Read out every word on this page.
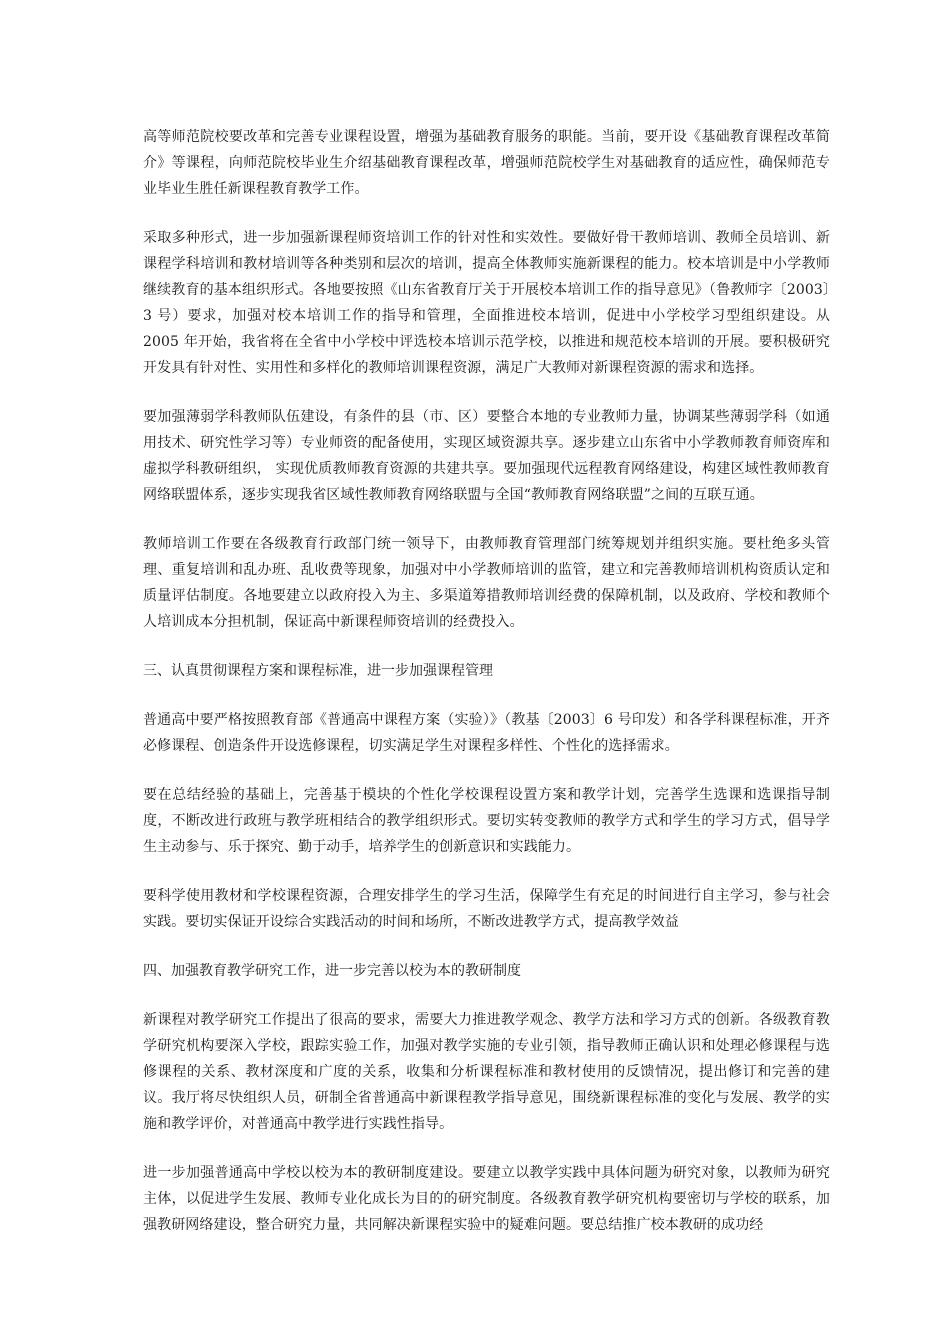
高等师范院校要改革和完善专业课程设置，增强为基础教育服务的职能。当前，要开设《基础教育课程改革简介》等课程，向师范院校毕业生介绍基础教育课程改革，增强师范院校学生对基础教育的适应性，确保师范专业毕业生胜任新课程教育教学工作。

采取多种形式，进一步加强新课程师资培训工作的针对性和实效性。要做好骨干教师培训、教师全员培训、新课程学科培训和教材培训等各种类别和层次的培训，提高全体教师实施新课程的能力。校本培训是中小学教师继续教育的基本组织形式。各地要按照《山东省教育厅关于开展校本培训工作的指导意见》（鲁教师字〔2003〕3 号）要求，加强对校本培训工作的指导和管理，全面推进校本培训，促进中小学校学习型组织建设。从 2005 年开始，我省将在全省中小学校中评选校本培训示范学校，以推进和规范校本培训的开展。要积极研究开发具有针对性、实用性和多样化的教师培训课程资源，满足广大教师对新课程资源的需求和选择。

要加强薄弱学科教师队伍建设，有条件的县（市、区）要整合本地的专业教师力量，协调某些薄弱学科（如通用技术、研究性学习等）专业师资的配备使用，实现区域资源共享。逐步建立山东省中小学教师教育师资库和虚拟学科教研组织， 实现优质教师教育资源的共建共享。要加强现代远程教育网络建设，构建区域性教师教育网络联盟体系，逐步实现我省区域性教师教育网络联盟与全国“教师教育网络联盟”之间的互联互通。

教师培训工作要在各级教育行政部门统一领导下，由教师教育管理部门统筹规划并组织实施。要杜绝多头管理、重复培训和乱办班、乱收费等现象，加强对中小学教师培训的监管，建立和完善教师培训机构资质认定和质量评估制度。各地要建立以政府投入为主、多渠道筹措教师培训经费的保障机制，以及政府、学校和教师个人培训成本分担机制，保证高中新课程师资培训的经费投入。

三、认真贯彻课程方案和课程标准，进一步加强课程管理

普通高中要严格按照教育部《普通高中课程方案（实验）》（教基〔2003〕6 号印发）和各学科课程标准，开齐必修课程、创造条件开设选修课程，切实满足学生对课程多样性、个性化的选择需求。

要在总结经验的基础上，完善基于模块的个性化学校课程设置方案和教学计划，完善学生选课和选课指导制度，不断改进行政班与教学班相结合的教学组织形式。要切实转变教师的教学方式和学生的学习方式，倡导学生主动参与、乐于探究、勤于动手，培养学生的创新意识和实践能力。

要科学使用教材和学校课程资源，合理安排学生的学习生活，保障学生有充足的时间进行自主学习，参与社会实践。要切实保证开设综合实践活动的时间和场所，不断改进教学方式，提高教学效益

四、加强教育教学研究工作，进一步完善以校为本的教研制度

新课程对教学研究工作提出了很高的要求，需要大力推进教学观念、教学方法和学习方式的创新。各级教育教学研究机构要深入学校，跟踪实验工作，加强对教学实施的专业引领，指导教师正确认识和处理必修课程与选修课程的关系、教材深度和广度的关系，收集和分析课程标准和教材使用的反馈情况，提出修订和完善的建议。我厅将尽快组织人员，研制全省普通高中新课程教学指导意见，围绕新课程标准的变化与发展、教学的实施和教学评价，对普通高中教学进行实践性指导。

进一步加强普通高中学校以校为本的教研制度建设。要建立以教学实践中具体问题为研究对象，以教师为研究主体，以促进学生发展、教师专业化成长为目的的研究制度。各级教育教学研究机构要密切与学校的联系，加强教研网络建设，整合研究力量，共同解决新课程实验中的疑难问题。要总结推广校本教研的成功经
